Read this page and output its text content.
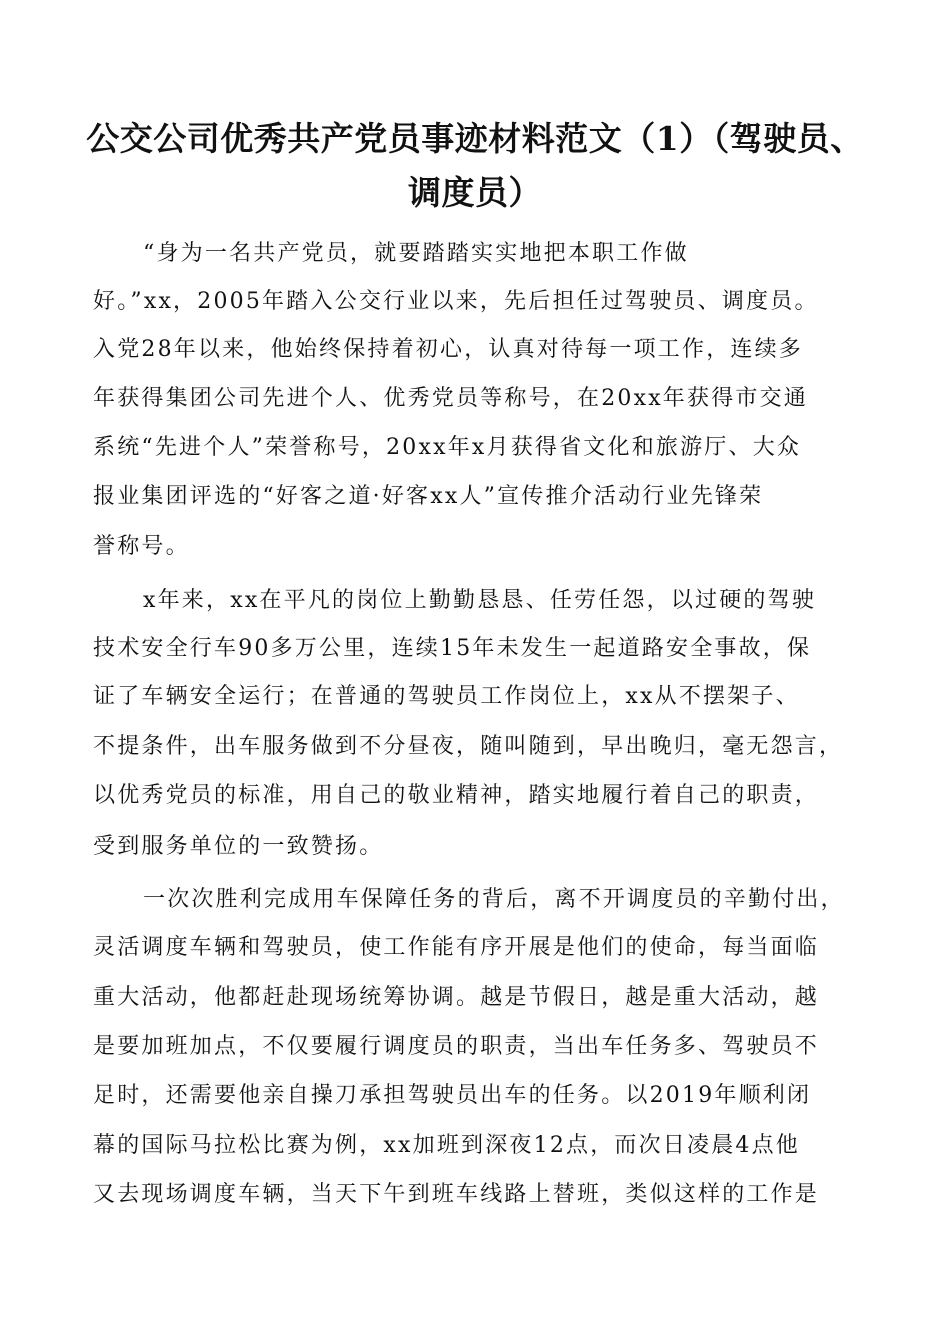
公交公司优秀共产党员事迹材料范文（1）（驾驶员、调度员）

“身为一名共产党员，就要踏踏实实地把本职工作做

好。”xx，2005年踏入公交行业以来，先后担任过驾驶员、调度员。

入党28年以来，他始终保持着初心，认真对待每一项工作，连续多

年获得集团公司先进个人、优秀党员等称号，在20xx年获得市交通

系统“先进个人”荣誉称号，20xx年x月获得省文化和旅游厅、大众

报业集团评选的“好客之道·好客xx人”宣传推介活动行业先锋荣

誉称号。

x年来，xx在平凡的岗位上勤勤恳恳、任劳任怨，以过硬的驾驶

技术安全行车90多万公里，连续15年未发生一起道路安全事故，保

证了车辆安全运行；在普通的驾驶员工作岗位上，xx从不摆架子、

不提条件，出车服务做到不分昼夜，随叫随到，早出晚归，毫无怨言，

以优秀党员的标准，用自己的敬业精神，踏实地履行着自己的职责，

受到服务单位的一致赞扬。

一次次胜利完成用车保障任务的背后，离不开调度员的辛勤付出，

灵活调度车辆和驾驶员，使工作能有序开展是他们的使命，每当面临

重大活动，他都赶赴现场统筹协调。越是节假日，越是重大活动，越

是要加班加点，不仅要履行调度员的职责，当出车任务多、驾驶员不

足时，还需要他亲自操刀承担驾驶员出车的任务。以2019年顺利闭

幕的国际马拉松比赛为例，xx加班到深夜12点，而次日凌晨4点他

又去现场调度车辆，当天下午到班车线路上替班，类似这样的工作是
